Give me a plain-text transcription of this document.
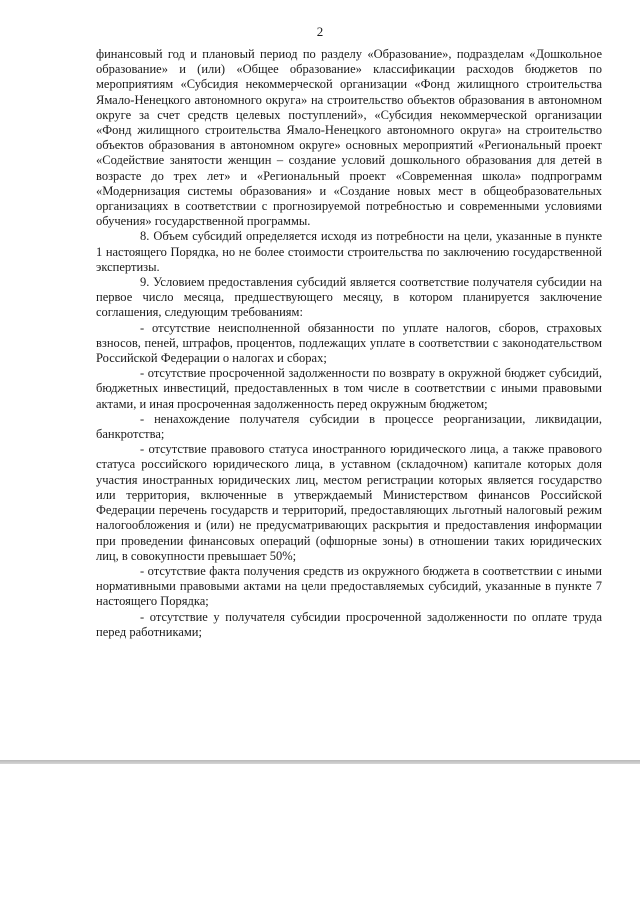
2

финансовый год и плановый период по разделу «Образование», подразделам «Дошкольное образование» и (или) «Общее образование» классификации расходов бюджетов по мероприятиям «Субсидия некоммерческой организации «Фонд жилищного строительства Ямало-Ненецкого автономного округа» на строительство объектов образования в автономном округе за счет средств целевых поступлений», «Субсидия некоммерческой организации «Фонд жилищного строительства Ямало-Ненецкого автономного округа» на строительство объектов образования в автономном округе» основных мероприятий «Региональный проект «Содействие занятости женщин – создание условий дошкольного образования для детей в возрасте до трех лет» и «Региональный проект «Современная школа» подпрограмм «Модернизация системы образования» и «Создание новых мест в общеобразовательных организациях в соответствии с прогнозируемой потребностью и современными условиями обучения» государственной программы.

8. Объем субсидий определяется исходя из потребности на цели, указанные в пункте 1 настоящего Порядка, но не более стоимости строительства по заключению государственной экспертизы.

9. Условием предоставления субсидий является соответствие получателя субсидии на первое число месяца, предшествующего месяцу, в котором планируется заключение соглашения, следующим требованиям:

- отсутствие неисполненной обязанности по уплате налогов, сборов, страховых взносов, пеней, штрафов, процентов, подлежащих уплате в соответствии с законодательством Российской Федерации о налогах и сборах;

- отсутствие просроченной задолженности по возврату в окружной бюджет субсидий, бюджетных инвестиций, предоставленных в том числе в соответствии с иными правовыми актами, и иная просроченная задолженность перед окружным бюджетом;

- ненахождение получателя субсидии в процессе реорганизации, ликвидации, банкротства;

- отсутствие правового статуса иностранного юридического лица, а также правового статуса российского юридического лица, в уставном (складочном) капитале которых доля участия иностранных юридических лиц, местом регистрации которых является государство или территория, включенные в утверждаемый Министерством финансов Российской Федерации перечень государств и территорий, предоставляющих льготный налоговый режим налогообложения и (или) не предусматривающих раскрытия и предоставления информации при проведении финансовых операций (офшорные зоны) в отношении таких юридических лиц, в совокупности превышает 50%;

- отсутствие факта получения средств из окружного бюджета в соответствии с иными нормативными правовыми актами на цели предоставляемых субсидий, указанные в пункте 7 настоящего Порядка;

- отсутствие у получателя субсидии просроченной задолженности по оплате труда перед работниками;
